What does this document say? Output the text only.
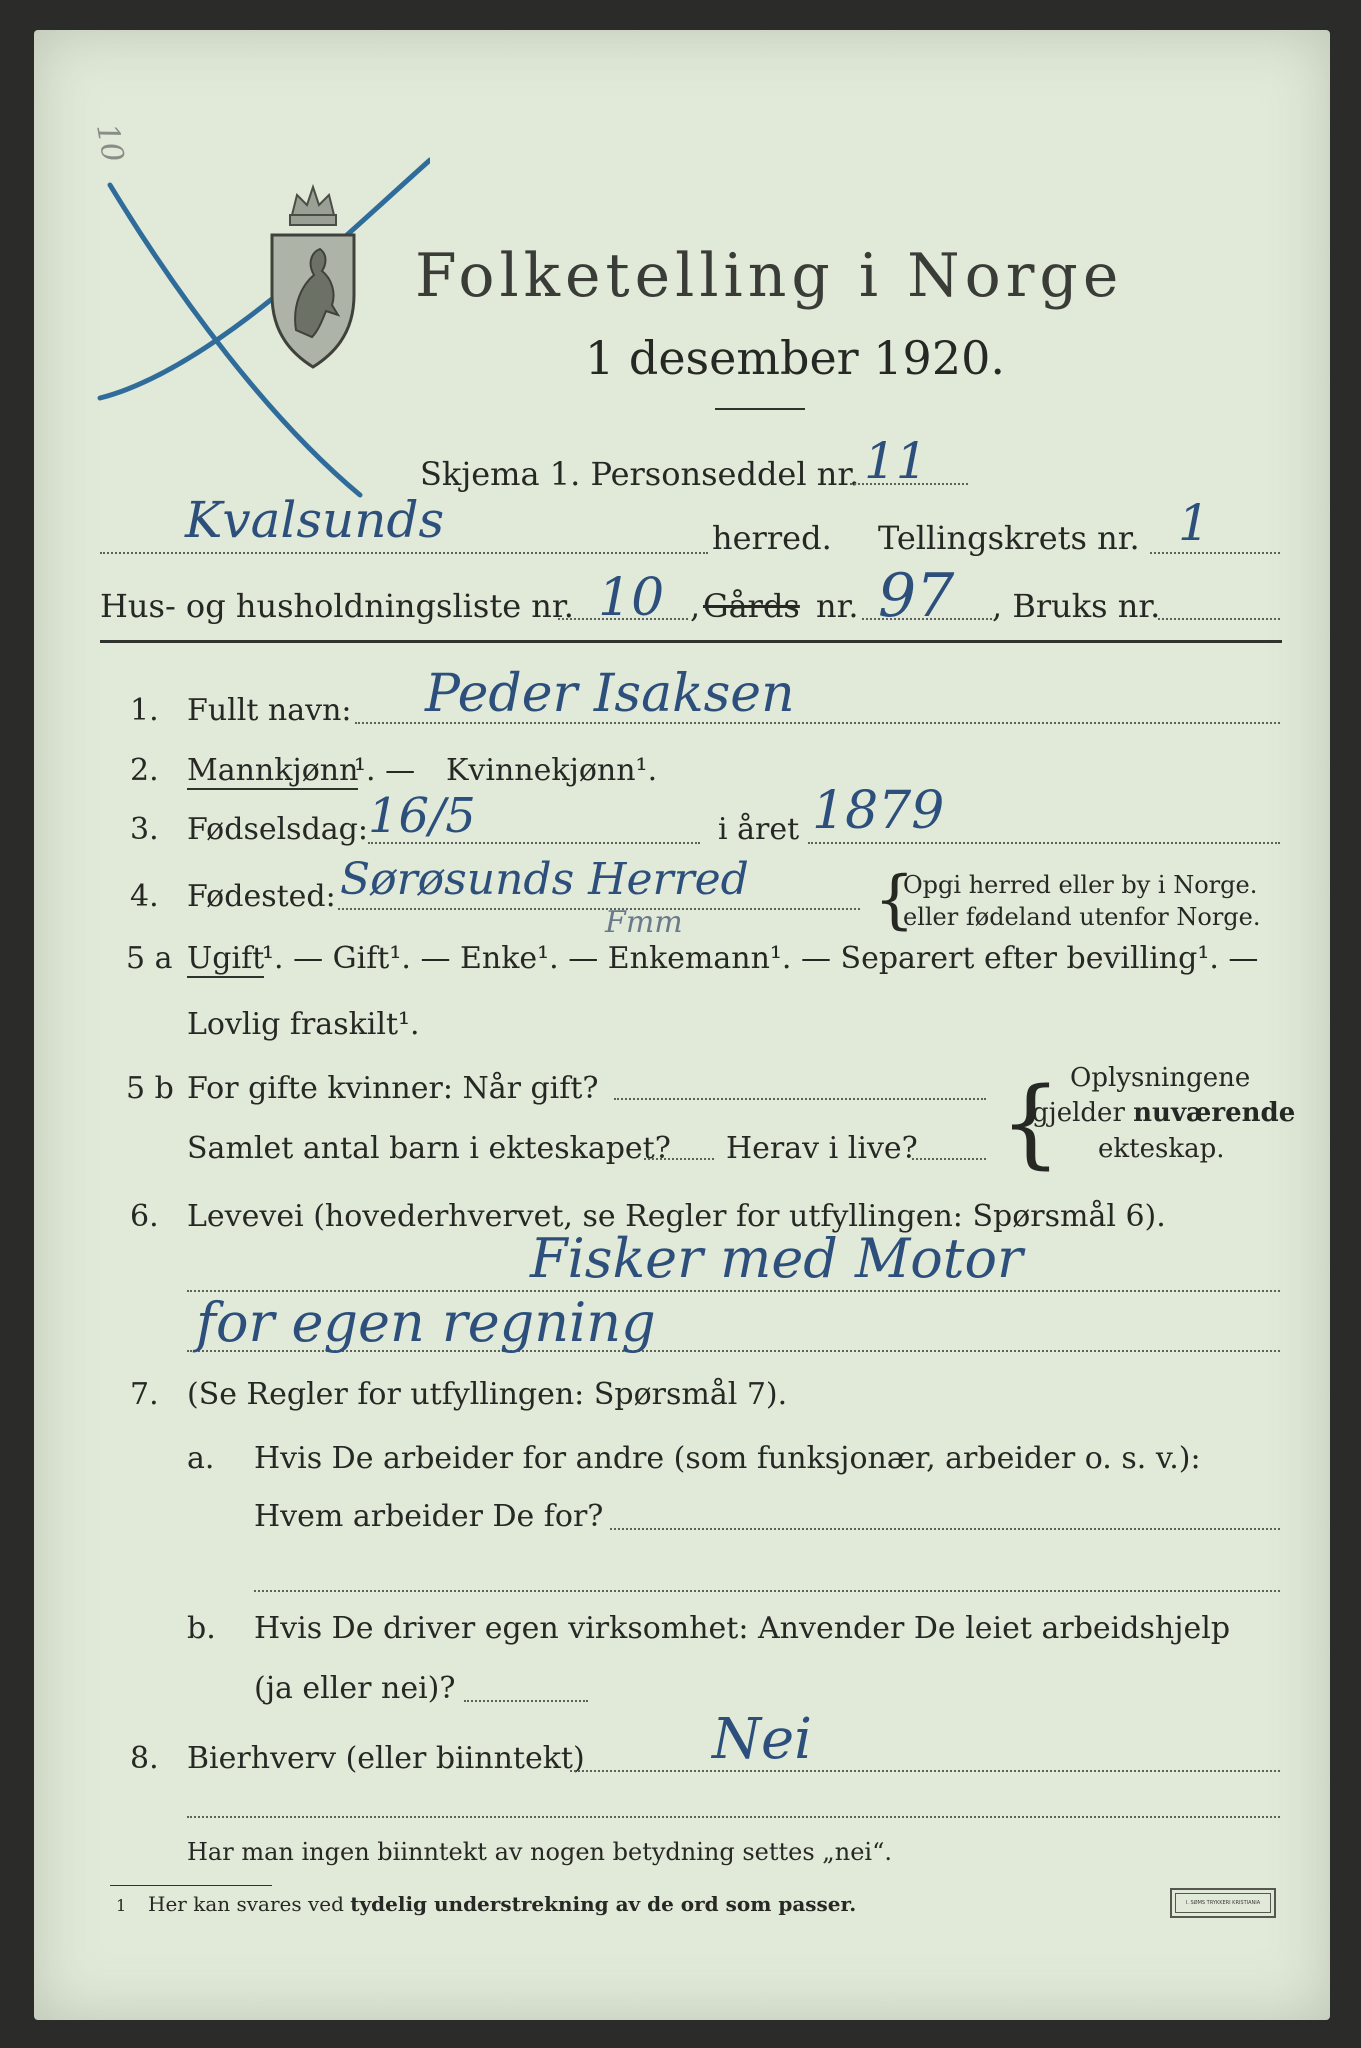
10
Folketelling i Norge
1 desember 1920.
Skjema 1. Personseddel nr. 11
Kvalsunds	herred. Tellingskrets nr. 1
Hus- og husholdningsliste nr. 10 , Gårds nr. 97 , Bruks nr.
1. Fullt navn: Peder Isaksen
2. Mannkjønn
¹. — Kvinnekjønn¹.
3. Fødselsdag: 16/5	i året 1879
4. Fødested: Sørøsunds Herred
Fmm	{
Opgi herred eller by i Norge.
eller fødeland utenfor Norge.
5 a Ugift
¹. — Gift¹. — Enke¹. — Enkemann¹. — Separert efter bevilling¹. —
Lovlig fraskilt¹.
5 b For gifte kvinner: Når gift?
Samlet antal barn i ekteskapet? Herav i live? { Oplysningene
gjelder nuværende
ekteskap.
6. Levevei (hovederhvervet, se Regler for utfyllingen: Spørsmål 6).
Fisker med Motor
for egen regning
7. (Se Regler for utfyllingen: Spørsmål 7).
a. Hvis De arbeider for andre (som funksjonær, arbeider o. s. v.):
Hvem arbeider De for?
b. Hvis De driver egen virksomhet: Anvender De leiet arbeidshjelp
(ja eller nei)?
8. Bierhverv (eller biinntekt) Nei
Har man ingen biinntekt av nogen betydning settes „nei“.
1 Her kan svares ved tydelig understrekning av de ord som passer.	I. SØMS TRYKKERI KRISTIANIA
